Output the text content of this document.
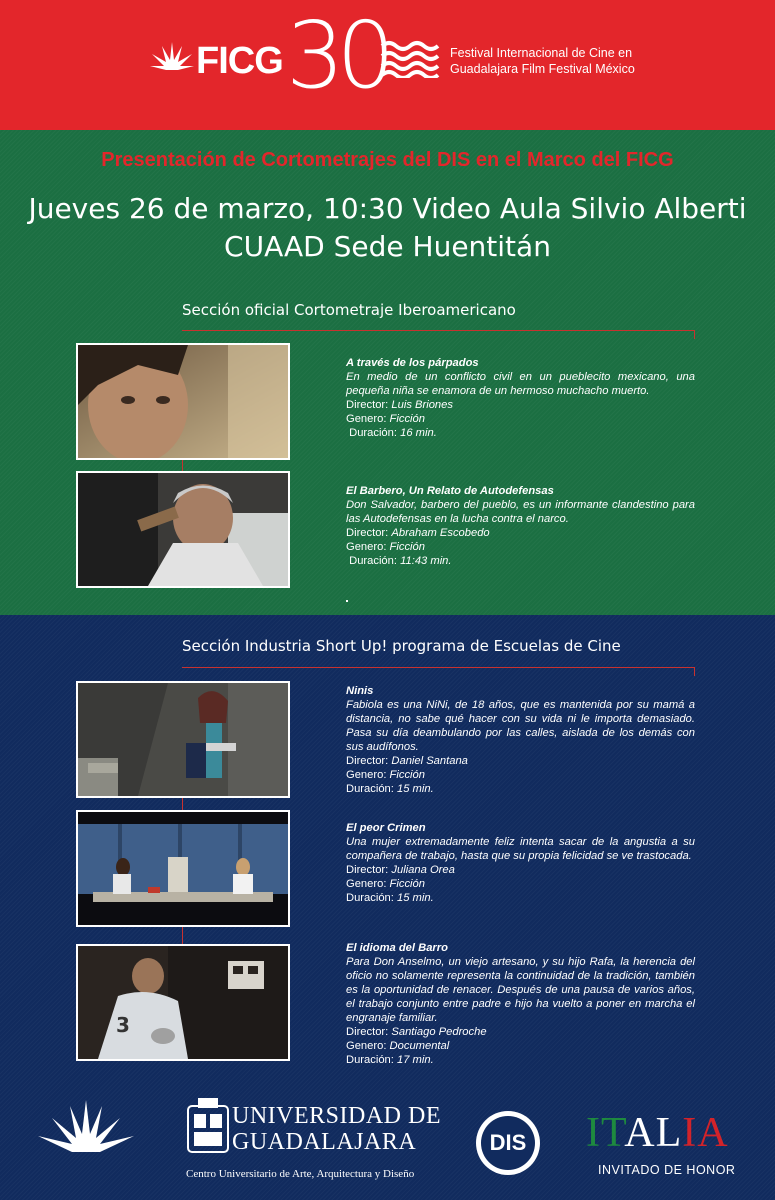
FICG 30	Festival Internacional de Cine en
Guadalajara Film Festival México
Presentación de Cortometrajes del DIS en el Marco del FICG
Jueves 26 de marzo, 10:30 Video Aula Silvio Alberti
CUAAD Sede Huentitán
Sección oficial Cortometraje Iberoamericano
A través de los párpados
En medio de un conflicto civil en un pueblecito mexicano, una pequeña niña se enamora de un hermoso muchacho muerto.
Director: Luis Briones
Genero: Ficción
Duración: 16 min.
El Barbero, Un Relato de Autodefensas
Don Salvador, barbero del pueblo, es un informante clandestino para las Autodefensas en la lucha contra el narco.
Director: Abraham Escobedo
Genero: Ficción
Duración: 11:43 min.
Sección Industria Short Up! programa de Escuelas de Cine
Ninis
Fabiola es una NiNi, de 18 años, que es mantenida por su mamá a distancia, no sabe qué hacer con su vida ni le importa demasiado. Pasa su día deambulando por las calles, aislada de los demás con sus audífonos.
Director: Daniel Santana
Genero: Ficción
Duración: 15 min.
El peor Crimen
Una mujer extremadamente feliz intenta sacar de la angustia a su compañera de trabajo, hasta que su propia felicidad se ve trastocada.
Director: Juliana Orea
Genero: Ficción
Duración: 15 min.
3
El idioma del Barro
Para Don Anselmo, un viejo artesano, y su hijo Rafa, la herencia del oficio no solamente representa la continuidad de la tradición, también es la oportunidad de renacer. Después de una pausa de varios años, el trabajo conjunto entre padre e hijo ha vuelto a poner en marcha el engranaje familiar.
Director: Santiago Pedroche
Genero: Documental
Duración: 17 min.
UNIVERSIDAD DE
GUADALAJARA
Centro Universitario de Arte, Arquitectura y Diseño
DIS ITALIA
INVITADO DE HONOR
